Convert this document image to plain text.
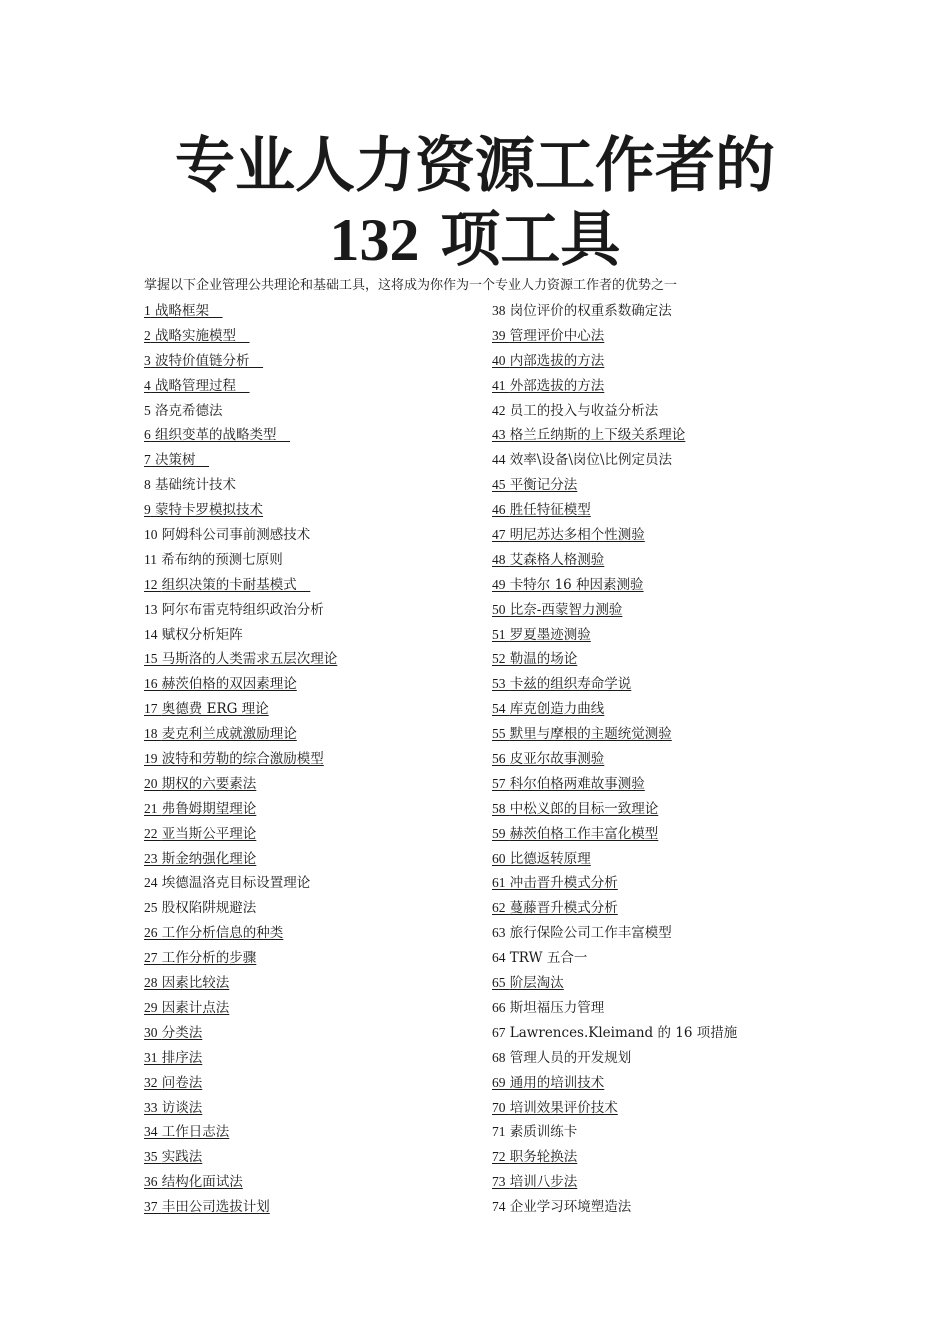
专业人力资源工作者的
132 项工具

掌握以下企业管理公共理论和基础工具，这将成为你作为一个专业人力资源工作者的优势之一

1 战略框架　
2 战略实施模型　
3 波特价值链分析　
4 战略管理过程　
5 洛克希德法
6 组织变革的战略类型　
7 决策树　
8 基础统计技术
9 蒙特卡罗模拟技术
10 阿姆科公司事前测感技术
11 希布纳的预测七原则
12 组织决策的卡耐基模式　
13 阿尔布雷克特组织政治分析
14 赋权分析矩阵
15 马斯洛的人类需求五层次理论
16 赫茨伯格的双因素理论
17 奥德费 ERG 理论
18 麦克利兰成就激励理论
19 波特和劳勒的综合激励模型
20 期权的六要素法
21 弗鲁姆期望理论
22 亚当斯公平理论
23 斯金纳强化理论
24 埃德温洛克目标设置理论
25 股权陷阱规避法
26 工作分析信息的种类
27 工作分析的步骤
28 因素比较法
29 因素计点法
30 分类法
31 排序法
32 问卷法
33 访谈法
34 工作日志法
35 实践法
36 结构化面试法
37 丰田公司选拔计划
38 岗位评价的权重系数确定法
39 管理评价中心法
40 内部选拔的方法
41 外部选拔的方法
42 员工的投入与收益分析法
43 格兰丘纳斯的上下级关系理论
44 效率\设备\岗位\比例定员法
45 平衡记分法
46 胜任特征模型
47 明尼苏达多相个性测验
48 艾森格人格测验
49 卡特尔 16 种因素测验
50 比奈-西蒙智力测验
51 罗夏墨迹测验
52 勒温的场论
53 卡兹的组织寿命学说
54 库克创造力曲线
55 默里与摩根的主题统觉测验
56 皮亚尔故事测验
57 科尔伯格两难故事测验
58 中松义郎的目标一致理论
59 赫茨伯格工作丰富化模型
60 比德返转原理
61 冲击晋升模式分析
62 蔓藤晋升模式分析
63 旅行保险公司工作丰富模型
64 TRW 五合一
65 阶层淘汰
66 斯坦福压力管理
67 Lawrences.Kleimand 的 16 项措施
68 管理人员的开发规划
69 通用的培训技术
70 培训效果评价技术
71 素质训练卡
72 职务轮换法
73 培训八步法
74 企业学习环境塑造法
